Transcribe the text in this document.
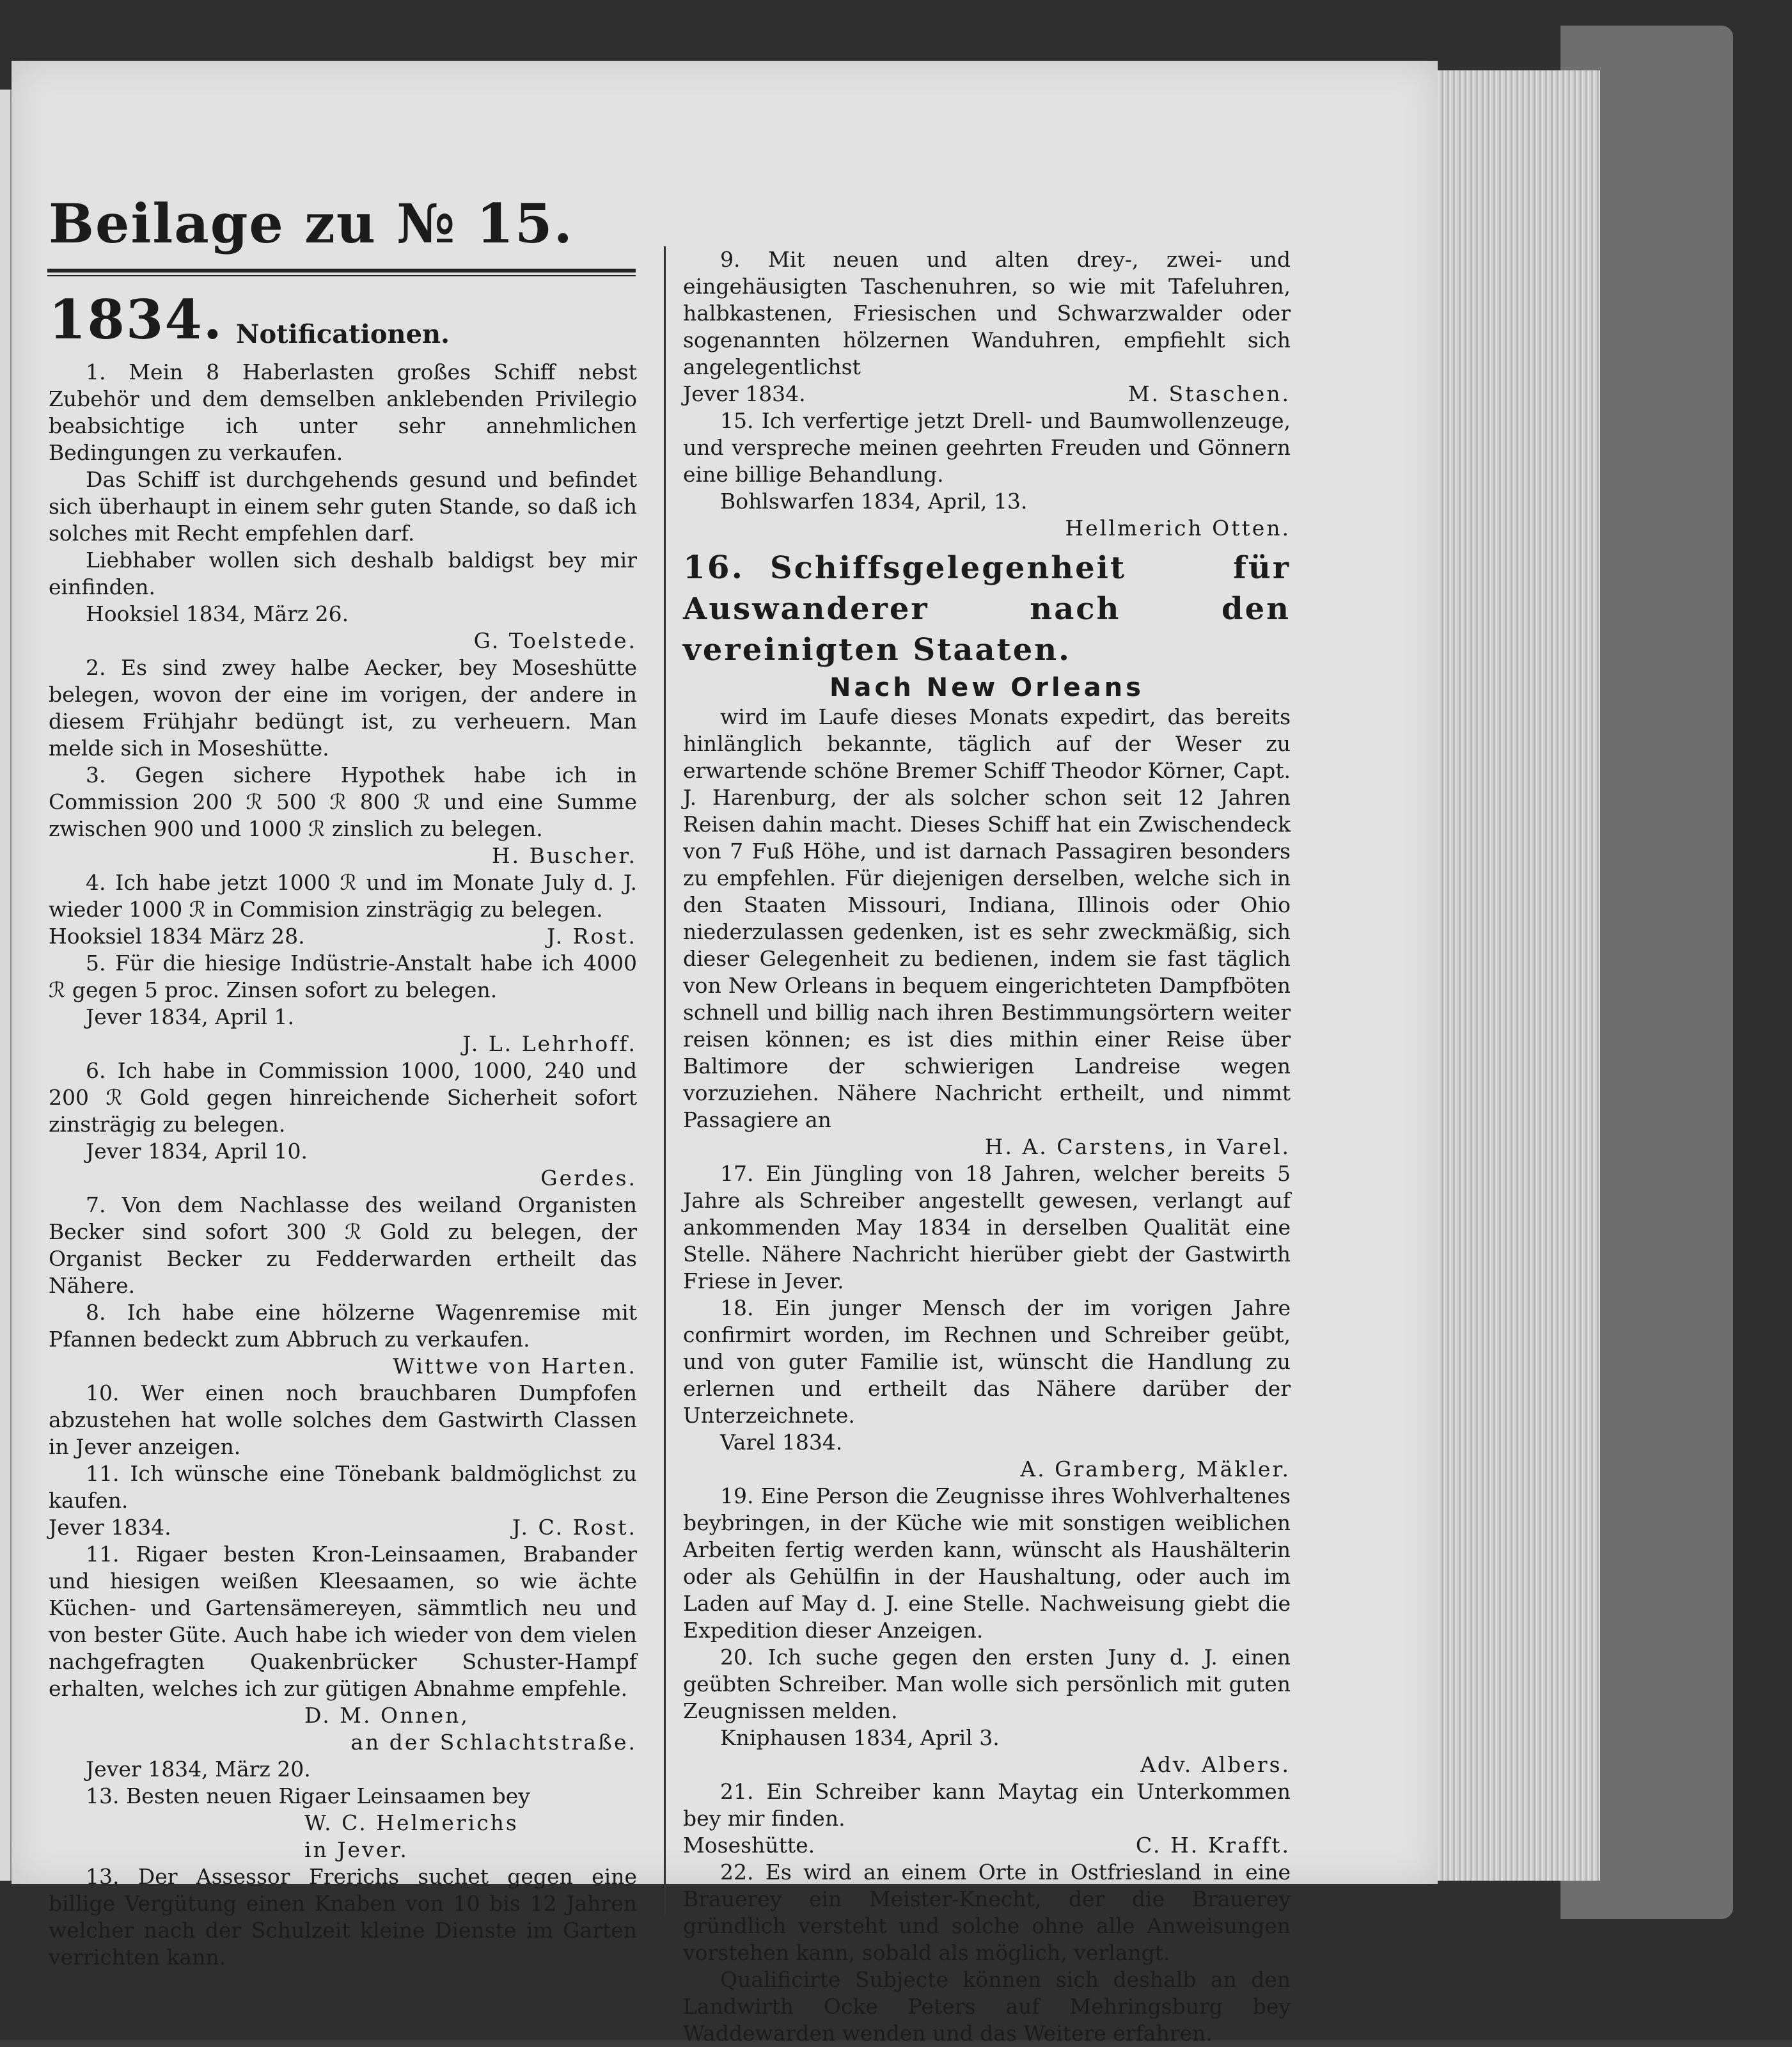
Beilage zu № 15. 1834. Notificationen.

1. Mein 8 Haberlasten großes Schiff nebst Zubehör und dem demselben anklebenden Privilegio beabsichtige ich unter sehr annehmlichen Bedingungen zu verkaufen.

Das Schiff ist durchgehends gesund und befindet sich überhaupt in einem sehr guten Stande, so daß ich solches mit Recht empfehlen darf.

Liebhaber wollen sich deshalb baldigst bey mir einfinden.

Hooksiel 1834, März 26.

G. Toelstede.

2. Es sind zwey halbe Aecker, bey Moseshütte belegen, wovon der eine im vorigen, der andere in diesem Frühjahr bedüngt ist, zu verheuern. Man melde sich in Moseshütte.

3. Gegen sichere Hypothek habe ich in Commission 200 ℛ 500 ℛ 800 ℛ und eine Summe zwischen 900 und 1000 ℛ zinslich zu belegen.

H. Buscher.

4. Ich habe jetzt 1000 ℛ und im Monate July d. J. wieder 1000 ℛ in Commision zinsträgig zu belegen.

Hooksiel 1834 März 28.	J. Rost.

5. Für die hiesige Indüstrie-Anstalt habe ich 4000 ℛ gegen 5 proc. Zinsen sofort zu belegen.

Jever 1834, April 1.

J. L. Lehrhoff.

6. Ich habe in Commission 1000, 1000, 240 und 200 ℛ Gold gegen hinreichende Sicherheit sofort zinsträgig zu belegen.

Jever 1834, April 10.

Gerdes.

7. Von dem Nachlasse des weiland Organisten Becker sind sofort 300 ℛ Gold zu belegen, der Organist Becker zu Fedderwarden ertheilt das Nähere.

8. Ich habe eine hölzerne Wagenremise mit Pfannen bedeckt zum Abbruch zu verkaufen.

Wittwe von Harten.

10. Wer einen noch brauchbaren Dumpfofen abzustehen hat wolle solches dem Gastwirth Classen in Jever anzeigen.

11. Ich wünsche eine Tönebank baldmöglichst zu kaufen.

Jever 1834.	J. C. Rost.

11. Rigaer besten Kron-Leinsaamen, Brabander und hiesigen weißen Kleesaamen, so wie ächte Küchen- und Gartensämereyen, sämmtlich neu und von bester Güte. Auch habe ich wieder von dem vielen nachgefragten Quakenbrücker Schuster-Hampf erhalten, welches ich zur gütigen Abnahme empfehle.

D. M. Onnen,

an der Schlachtstraße.

Jever 1834, März 20.

13. Besten neuen Rigaer Leinsaamen bey

W. C. Helmerichs

in Jever.

13. Der Assessor Frerichs suchet gegen eine billige Vergütung einen Knaben von 10 bis 12 Jahren welcher nach der Schulzeit kleine Dienste im Garten verrichten kann.

9. Mit neuen und alten drey-, zwei- und eingehäusigten Taschenuhren, so wie mit Tafeluhren, halbkastenen, Friesischen und Schwarzwalder oder sogenannten hölzernen Wanduhren, empfiehlt sich angelegentlichst

Jever 1834.	M. Staschen.

15. Ich verfertige jetzt Drell- und Baumwollenzeuge, und verspreche meinen geehrten Freuden und Gönnern eine billige Behandlung.

Bohlswarfen 1834, April, 13.

Hellmerich Otten.

16. Schiffsgelegenheit für Auswanderer nach den vereinigten Staaten.
Nach New Orleans

wird im Laufe dieses Monats expedirt, das bereits hinlänglich bekannte, täglich auf der Weser zu erwartende schöne Bremer Schiff Theodor Körner, Capt. J. Harenburg, der als solcher schon seit 12 Jahren Reisen dahin macht. Dieses Schiff hat ein Zwischendeck von 7 Fuß Höhe, und ist darnach Passagiren besonders zu empfehlen. Für diejenigen derselben, welche sich in den Staaten Missouri, Indiana, Illinois oder Ohio niederzulassen gedenken, ist es sehr zweckmäßig, sich dieser Gelegenheit zu bedienen, indem sie fast täglich von New Orleans in bequem eingerichteten Dampfböten schnell und billig nach ihren Bestimmungsörtern weiter reisen können; es ist dies mithin einer Reise über Baltimore der schwierigen Landreise wegen vorzuziehen. Nähere Nachricht ertheilt, und nimmt Passagiere an

H. A. Carstens, in Varel.

17. Ein Jüngling von 18 Jahren, welcher bereits 5 Jahre als Schreiber angestellt gewesen, verlangt auf ankommenden May 1834 in derselben Qualität eine Stelle. Nähere Nachricht hierüber giebt der Gastwirth Friese in Jever.

18. Ein junger Mensch der im vorigen Jahre confirmirt worden, im Rechnen und Schreiber geübt, und von guter Familie ist, wünscht die Handlung zu erlernen und ertheilt das Nähere darüber der Unterzeichnete.

Varel 1834.

A. Gramberg, Mäkler.

19. Eine Person die Zeugnisse ihres Wohlverhaltenes beybringen, in der Küche wie mit sonstigen weiblichen Arbeiten fertig werden kann, wünscht als Haushälterin oder als Gehülfin in der Haushaltung, oder auch im Laden auf May d. J. eine Stelle. Nachweisung giebt die Expedition dieser Anzeigen.

20. Ich suche gegen den ersten Juny d. J. einen geübten Schreiber. Man wolle sich persönlich mit guten Zeugnissen melden.

Kniphausen 1834, April 3.

Adv. Albers.

21. Ein Schreiber kann Maytag ein Unterkommen bey mir finden.

Moseshütte.	C. H. Krafft.

22. Es wird an einem Orte in Ostfriesland in eine Brauerey ein Meister-Knecht, der die Brauerey gründlich versteht und solche ohne alle Anweisungen vorstehen kann, sobald als möglich, verlangt.

Qualificirte Subjecte können sich deshalb an den Landwirth Ocke Peters auf Mehringsburg bey Waddewarden wenden und das Weitere erfahren.
